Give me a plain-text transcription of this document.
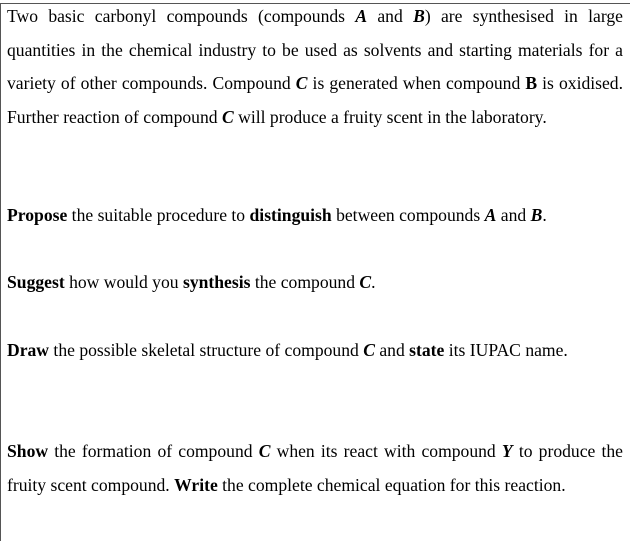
Two basic carbonyl compounds (compounds A and B) are synthesised in large quantities in the chemical industry to be used as solvents and starting materials for a variety of other compounds. Compound C is generated when compound B is oxidised. Further reaction of compound C will produce a fruity scent in the laboratory.

Propose the suitable procedure to distinguish between compounds A and B.

Suggest how would you synthesis the compound C.

Draw the possible skeletal structure of compound C and state its IUPAC name.

Show the formation of compound C when its react with compound Y to produce the fruity scent compound. Write the complete chemical equation for this reaction.
